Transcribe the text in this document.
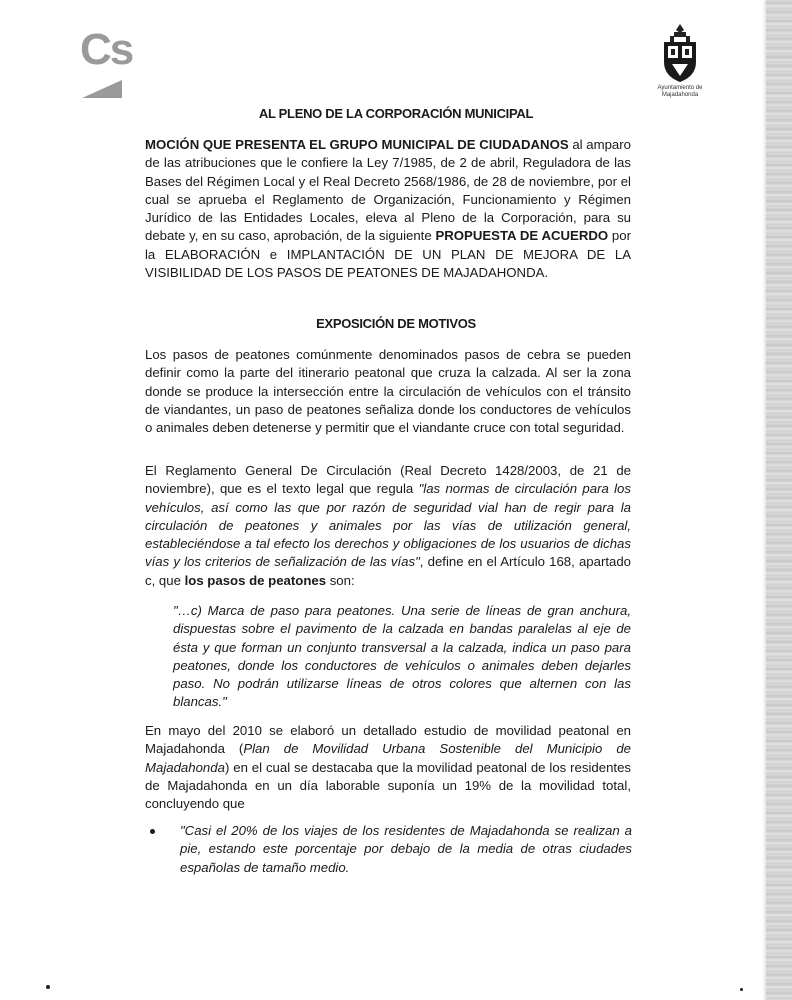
Cs
Ayuntamiento de Majadahonda
AL PLENO DE LA CORPORACIÓN MUNICIPAL
MOCIÓN QUE PRESENTA EL GRUPO MUNICIPAL DE CIUDADANOS al amparo de las atribuciones que le confiere la Ley 7/1985, de 2 de abril, Reguladora de las Bases del Régimen Local y el Real Decreto 2568/1986, de 28 de noviembre, por el cual se aprueba el Reglamento de Organización, Funcionamiento y Régimen Jurídico de las Entidades Locales, eleva al Pleno de la Corporación, para su debate y, en su caso, aprobación, de la siguiente PROPUESTA DE ACUERDO por la ELABORACIÓN e IMPLANTACIÓN DE UN PLAN DE MEJORA DE LA VISIBILIDAD DE LOS PASOS DE PEATONES DE MAJADAHONDA.
EXPOSICIÓN DE MOTIVOS
Los pasos de peatones comúnmente denominados pasos de cebra se pueden definir como la parte del itinerario peatonal que cruza la calzada. Al ser la zona donde se produce la intersección entre la circulación de vehículos con el tránsito de viandantes, un paso de peatones señaliza donde los conductores de vehículos o animales deben detenerse y permitir que el viandante cruce con total seguridad.
El Reglamento General De Circulación (Real Decreto 1428/2003, de 21 de noviembre), que es el texto legal que regula "las normas de circulación para los vehículos, así como las que por razón de seguridad vial han de regir para la circulación de peatones y animales por las vías de utilización general, estableciéndose a tal efecto los derechos y obligaciones de los usuarios de dichas vías y los criterios de señalización de las vías", define en el Artículo 168, apartado c, que los pasos de peatones son:
"…c) Marca de paso para peatones. Una serie de líneas de gran anchura, dispuestas sobre el pavimento de la calzada en bandas paralelas al eje de ésta y que forman un conjunto transversal a la calzada, indica un paso para peatones, donde los conductores de vehículos o animales deben dejarles paso. No podrán utilizarse líneas de otros colores que alternen con las blancas."
En mayo del 2010 se elaboró un detallado estudio de movilidad peatonal en Majadahonda (Plan de Movilidad Urbana Sostenible del Municipio de Majadahonda) en el cual se destacaba que la movilidad peatonal de los residentes de Majadahonda en un día laborable suponía un 19% de la movilidad total, concluyendo que
"Casi el 20% de los viajes de los residentes de Majadahonda se realizan a pie, estando este porcentaje por debajo de la media de otras ciudades españolas de tamaño medio.
